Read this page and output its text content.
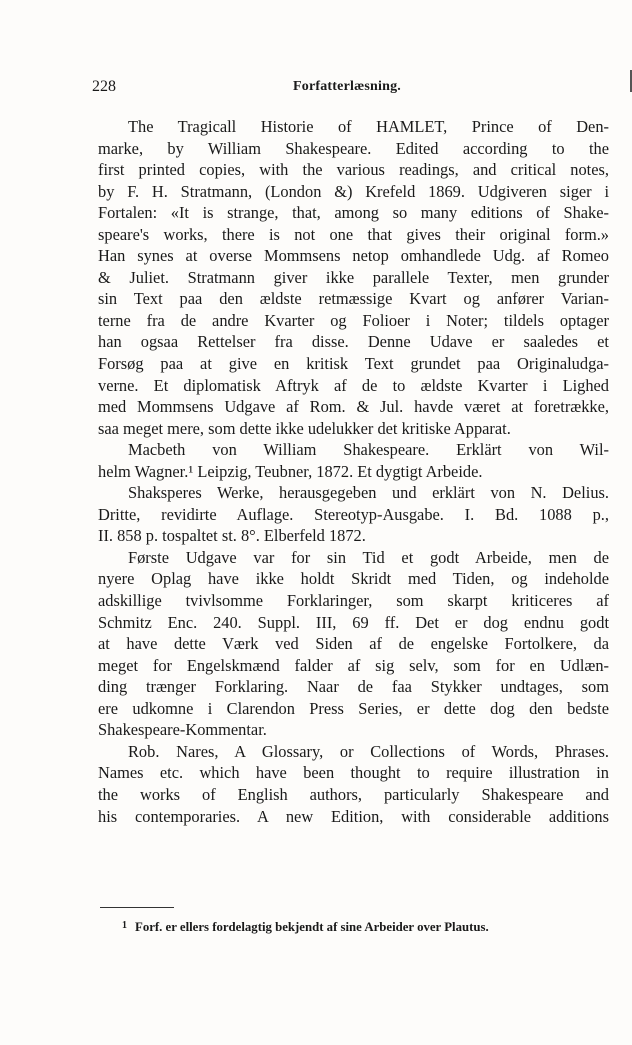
228	Forfatterlæsning.
The Tragicall Historie of HAMLET, Prince of Den-
marke, by William Shakespeare. Edited according to the
first printed copies, with the various readings, and critical notes,
by F. H. Stratmann, (London &) Krefeld 1869. Udgiveren siger i
Fortalen: «It is strange, that, among so many editions of Shake-
speare's works, there is not one that gives their original form.»
Han synes at overse Mommsens netop omhandlede Udg. af Romeo
& Juliet. Stratmann giver ikke parallele Texter, men grunder
sin Text paa den ældste retmæssige Kvart og anfører Varian-
terne fra de andre Kvarter og Folioer i Noter; tildels optager
han ogsaa Rettelser fra disse. Denne Udave er saaledes et
Forsøg paa at give en kritisk Text grundet paa Originaludga-
verne. Et diplomatisk Aftryk af de to ældste Kvarter i Lighed
med Mommsens Udgave af Rom. & Jul. havde været at foretrække,
saa meget mere, som dette ikke udelukker det kritiske Apparat.
Macbeth von William Shakespeare. Erklärt von Wil-
helm Wagner.¹ Leipzig, Teubner, 1872. Et dygtigt Arbeide.
Shaksperes Werke, herausgegeben und erklärt von N. Delius.
Dritte, revidirte Auflage. Stereotyp-Ausgabe. I. Bd. 1088 p.,
II. 858 p. tospaltet st. 8°. Elberfeld 1872.
Første Udgave var for sin Tid et godt Arbeide, men de
nyere Oplag have ikke holdt Skridt med Tiden, og indeholde
adskillige tvivlsomme Forklaringer, som skarpt kriticeres af
Schmitz Enc. 240. Suppl. III, 69 ff. Det er dog endnu godt
at have dette Værk ved Siden af de engelske Fortolkere, da
meget for Engelskmænd falder af sig selv, som for en Udlæn-
ding trænger Forklaring. Naar de faa Stykker undtages, som
ere udkomne i Clarendon Press Series, er dette dog den bedste
Shakespeare-Kommentar.
Rob. Nares, A Glossary, or Collections of Words, Phrases.
Names etc. which have been thought to require illustration in
the works of English authors, particularly Shakespeare and
his contemporaries. A new Edition, with considerable additions
$^1$ Forf. er ellers fordelagtig bekjendt af sine Arbeider over Plautus.
